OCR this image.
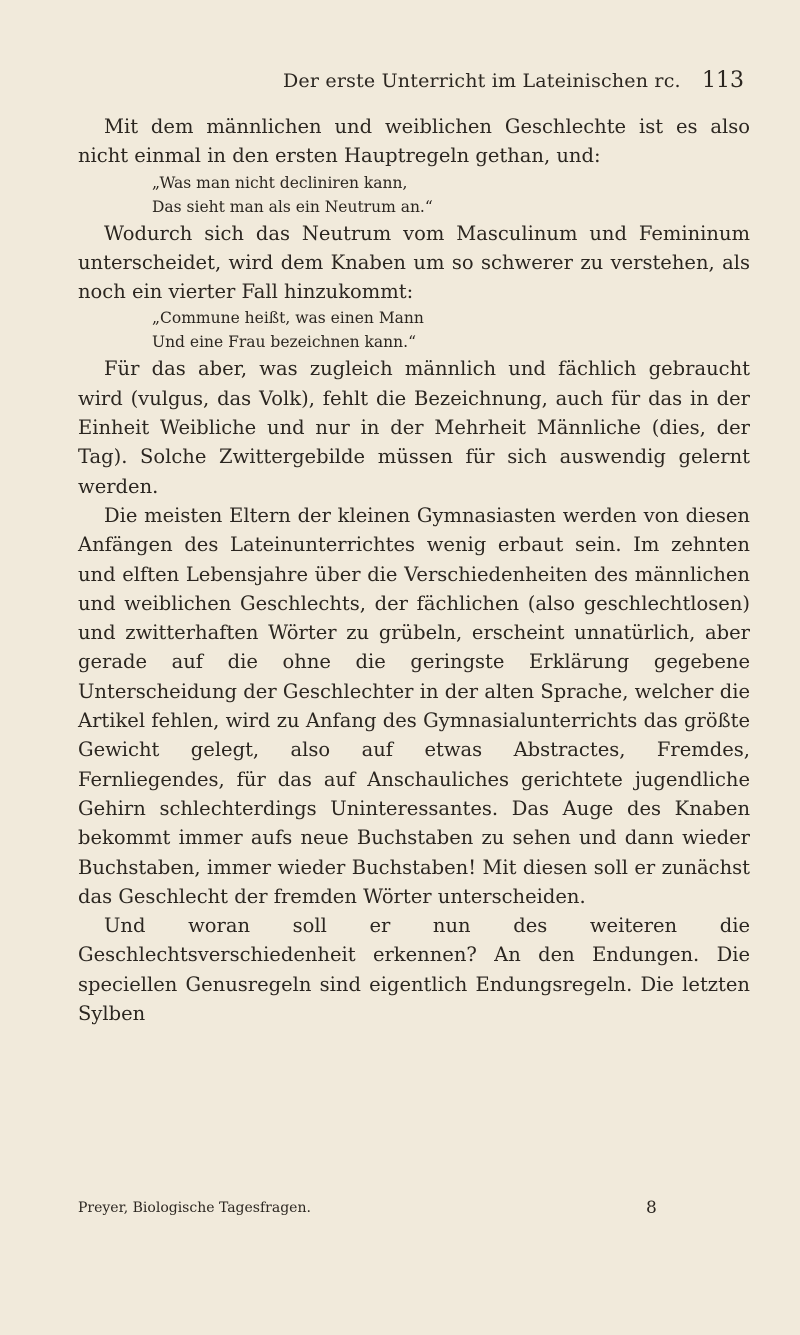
Der erste Unterricht im Lateinischen rc. 113

Mit dem männlichen und weiblichen Geschlechte ist es also nicht einmal in den ersten Hauptregeln gethan, und:

„Was man nicht decliniren kann,

Das sieht man als ein Neutrum an.“

Wodurch sich das Neutrum vom Masculinum und Femininum unterscheidet, wird dem Knaben um so schwerer zu verstehen, als noch ein vierter Fall hinzukommt:

„Commune heißt, was einen Mann

Und eine Frau bezeichnen kann.“

Für das aber, was zugleich männlich und fächlich gebraucht wird (vulgus, das Volk), fehlt die Bezeichnung, auch für das in der Einheit Weibliche und nur in der Mehrheit Männliche (dies, der Tag). Solche Zwittergebilde müssen für sich auswendig gelernt werden.

Die meisten Eltern der kleinen Gymnasiasten werden von diesen Anfängen des Lateinunterrichtes wenig erbaut sein. Im zehnten und elften Lebensjahre über die Verschiedenheiten des männlichen und weiblichen Geschlechts, der fächlichen (also geschlechtlosen) und zwitterhaften Wörter zu grübeln, erscheint unnatürlich, aber gerade auf die ohne die geringste Erklärung gegebene Unterscheidung der Geschlechter in der alten Sprache, welcher die Artikel fehlen, wird zu Anfang des Gymnasialunterrichts das größte Gewicht gelegt, also auf etwas Abstractes, Fremdes, Fernliegendes, für das auf Anschauliches gerichtete jugendliche Gehirn schlechterdings Uninteressantes. Das Auge des Knaben bekommt immer aufs neue Buchstaben zu sehen und dann wieder Buchstaben, immer wieder Buchstaben! Mit diesen soll er zunächst das Geschlecht der fremden Wörter unterscheiden.

Und woran soll er nun des weiteren die Geschlechtsverschiedenheit erkennen? An den Endungen. Die speciellen Genusregeln sind eigentlich Endungsregeln. Die letzten Sylben

Preyer, Biologische Tagesfragen.	8
